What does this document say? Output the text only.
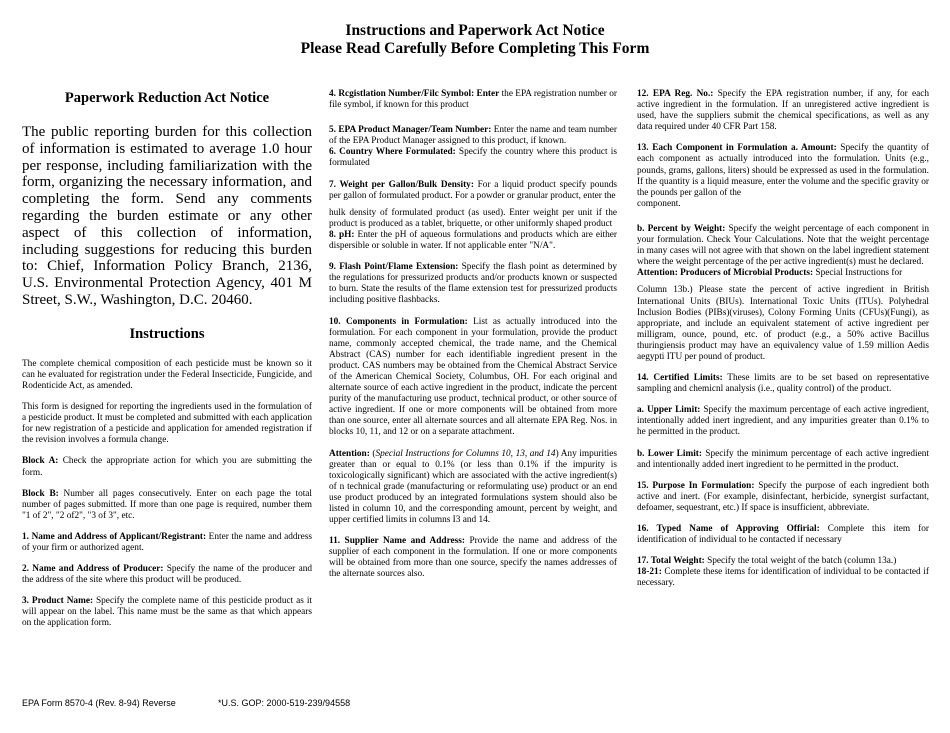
Instructions and Paperwork Act Notice
Please Read Carefully Before Completing This Form
Paperwork Reduction Act Notice
The public reporting burden for this collection of information is estimated to average 1.0 hour per response, including familiarization with the form, organizing the necessary information, and completing the form. Send any comments regarding the burden estimate or any other aspect of this collection of information, including suggestions for reducing this burden to: Chief, Information Policy Branch, 2136, U.S. Environmental Protection Agency, 401 M Street, S.W., Washington, D.C. 20460.
Instructions

The complete chemical composition of each pesticide must be known so it can he evaluated for registration under the Federal Insecticide, Fungicide, and Rodenticide Act, as amended.

This form is designed for reporting the ingredients used in the formulation of a pesticide product. It must be completed and submitted with each application for new registration of a pesticide and application for amended registration if the revision involves a formula change.

Block A: Check the appropriate action for which you are submitting the form.

Block B: Number all pages consecutively. Enter on each page the total number of pages submitted. If more than one page is required, number them "1 of 2", "2 of2", "3 of 3", etc.

1. Name and Address of Applicant/Registrant: Enter the name and address of your firm or authorized agent.

2. Name and Address of Producer: Specify the name of the producer and the address of the site where this product will be produced.

3. Product Name: Specify the complete name of this pesticide product as it will appear on the label. This name must be the same as that which appears on the application form.

4. Rcgistlation Number/Filc Symbol: Enter the EPA registration number or file symbol, if known for this product

5. EPA Product Manager/Team Number: Enter the name and team number of the EPA Product Manager assigned to this product, if known.

6. Country Where Formulated: Specify the country where this product is formulated

7. Weight per Gallon/Bulk Density: For a liquid product specify pounds per gallon of formulated product. For a powder or granular product, enter the

hulk density of formulated product (as used). Enter weight per unit if the product is produced as a tablet, briquette, or other uniformly shaped product

8. pH: Enter the pH of aqueous formulations and products which are either dispersible or soluble in water. If not applicable enter "N/A".

9. Flash Point/Flame Extension: Specify the flash point as determined by the regulations for pressurized products and/or products known or suspected to burn. State the results of the flame extension test for pressurized products including positive flashbacks.

10. Components in Formulation: List as actually introduced into the formulation. For each component in your formulation, provide the product name, commonly accepted chemical, the trade name, and the Chemical Abstract (CAS) number for each identifiable ingredient present in the product. CAS numbers may be obtained from the Chemical Abstract Service of the American Chemical Society, Columbus, OH. For each original and alternate source of each active ingredient in the product, indicate the percent purity of the manufacturing use product, technical product, or other source of active ingredient. If one or more components will be obtained from more than one source, enter all alternate sources and all alternate EPA Reg. Nos. in blocks 10, 11, and 12 or on a separate attachment.

Attention: (Special Instructions for Columns 10, 13, and 14) Any impurities greater than or equal to 0.1% (or less than 0.1% if the impurity is toxicologically significant) which are associated with the active ingredient(s) of n technical grade (manufacturing or reformulating use) product or an end use product produced by an integrated formulations system should also be listed in column 10, and the corresponding amount, percent by weight, and upper certified limits in columns I3 and 14.

11. Supplier Name and Address: Provide the name and address of the supplier of each component in the formulation. If one or more components will be obtained from more than one source, specify the names addresses of the alternate sources also.

12. EPA Reg. No.: Specify the EPA registration number, if any, for each active ingredient in the formulation. If an unregistered active ingredient is used, have the suppliers submit the chemical specifications, as well as any data required under 40 CFR Part 158.

13. Each Component in Formulation a. Amount: Specify the quantity of each component as actually introduced into the formulation. Units (e.g., pounds, grams, gallons, liters) should be expressed as used in the formulation. If the quantity is a liquid measure, enter the volume and the specific gravity or the pounds per gallon of the

component.

b. Percent by Weight: Specify the weight percentage of each component in your formulation. Check Your Calculations. Note that the weight percentage in many cases will not agree with that shown on the label ingredient statement where the weight percentage of the per active ingredient(s) must he declared.

Attention: Producers of Microbial Products: Special Instructions for

Column 13b.) Please state the percent of active ingredient in British International Units (BIUs). International Toxic Units (ITUs). Polyhedral Inclusion Bodies (PIBs)(viruses), Colony Forming Units (CFUs)(Fungi), as appropriate, and include an equivalent statement of active ingredient per milligram, ounce, pound, etc. of product (e.g., a 50% active Bacillus thuringiensis product may have an equivalency value of 1.59 million Aedis aegypti ITU per pound of product.

14. Certified Limits: These limits are to be set based on representative sampling and chemicnl analysis (i.e., quality control) of the product.

a. Upper Limit: Specify the maximum percentage of each active ingredient, intentionally added inert ingredient, and any impurities greater than 0.1% to he permitted in the product.

b. Lower Limit: Specify the minimum percentage of each active ingredient and intentionally added inert ingredient to he permitted in the product.

15. Purpose In Formulation: Specify the purpose of each ingredient both active and inert. (For example, disinfectant, herbicide, synergist surfactant, defoamer, sequestrant, etc.) If space is insufficient, abbreviate.

16. Typed Name of Approving Offirial: Complete this item for identification of individual to he contacted if necessary

17. Total Weight: Specify the total weight of the batch (column 13a.)

18-21: Complete these items for identification of individual to be contacted if necessary.

EPA Form 8570-4 (Rev. 8-94) Reverse	*U.S. GOP: 2000-519-239/94558
